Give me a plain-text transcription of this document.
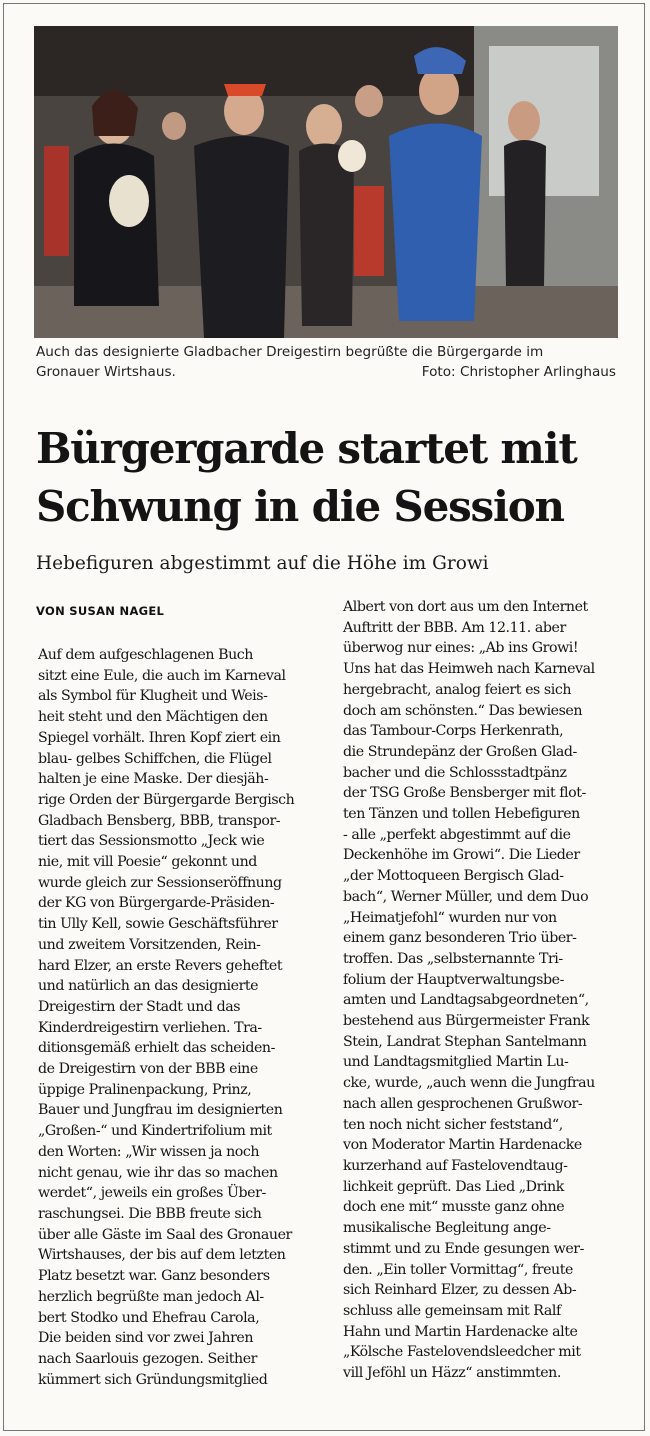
Auch das designierte Gladbacher Dreigestirn begrüßte die Bürgergarde im
Gronauer Wirtshaus.	Foto: Christopher Arlinghaus
Bürgergarde startet mit
Schwung in die Session
Hebefiguren abgestimmt auf die Höhe im Growi
VON SUSAN NAGEL
Auf dem aufgeschlagenen Buch
sitzt eine Eule, die auch im Karneval
als Symbol für Klugheit und Weis-
heit steht und den Mächtigen den
Spiegel vorhält. Ihren Kopf ziert ein
blau- gelbes Schiffchen, die Flügel
halten je eine Maske. Der diesjäh-
rige Orden der Bürgergarde Bergisch
Gladbach Bensberg, BBB, transpor-
tiert das Sessionsmotto „Jeck wie
nie, mit vill Poesie“ gekonnt und
wurde gleich zur Sessionseröffnung
der KG von Bürgergarde-Präsiden-
tin Ully Kell, sowie Geschäftsführer
und zweitem Vorsitzenden, Rein-
hard Elzer, an erste Revers geheftet
und natürlich an das designierte
Dreigestirn der Stadt und das
Kinderdreigestirn verliehen. Tra-
ditionsgemäß erhielt das scheiden-
de Dreigestirn von der BBB eine
üppige Pralinenpackung, Prinz,
Bauer und Jungfrau im designierten
„Großen-“ und Kindertrifolium mit
den Worten: „Wir wissen ja noch
nicht genau, wie ihr das so machen
werdet“, jeweils ein großes Über-
raschungsei. Die BBB freute sich
über alle Gäste im Saal des Gronauer
Wirtshauses, der bis auf dem letzten
Platz besetzt war. Ganz besonders
herzlich begrüßte man jedoch Al-
bert Stodko und Ehefrau Carola,
Die beiden sind vor zwei Jahren
nach Saarlouis gezogen. Seither
kümmert sich Gründungsmitglied
Albert von dort aus um den Internet
Auftritt der BBB. Am 12.11. aber
überwog nur eines: „Ab ins Growi!
Uns hat das Heimweh nach Karneval
hergebracht, analog feiert es sich
doch am schönsten.“ Das bewiesen
das Tambour-Corps Herkenrath,
die Strundepänz der Großen Glad-
bacher und die Schlossstadtpänz
der TSG Große Bensberger mit flot-
ten Tänzen und tollen Hebefiguren
- alle „perfekt abgestimmt auf die
Deckenhöhe im Growi“. Die Lieder
„der Mottoqueen Bergisch Glad-
bach“, Werner Müller, und dem Duo
„Heimatjefohl“ wurden nur von
einem ganz besonderen Trio über-
troffen. Das „selbsternannte Tri-
folium der Hauptverwaltungsbe-
amten und Landtagsabgeordneten“,
bestehend aus Bürgermeister Frank
Stein, Landrat Stephan Santelmann
und Landtagsmitglied Martin Lu-
cke, wurde, „auch wenn die Jungfrau
nach allen gesprochenen Grußwor-
ten noch nicht sicher feststand“,
von Moderator Martin Hardenacke
kurzerhand auf Fastelovendtaug-
lichkeit geprüft. Das Lied „Drink
doch ene mit“ musste ganz ohne
musikalische Begleitung ange-
stimmt und zu Ende gesungen wer-
den. „Ein toller Vormittag“, freute
sich Reinhard Elzer, zu dessen Ab-
schluss alle gemeinsam mit Ralf
Hahn und Martin Hardenacke alte
„Kölsche Fastelovendsleedcher mit
vill Jeföhl un Häzz“ anstimmten.
